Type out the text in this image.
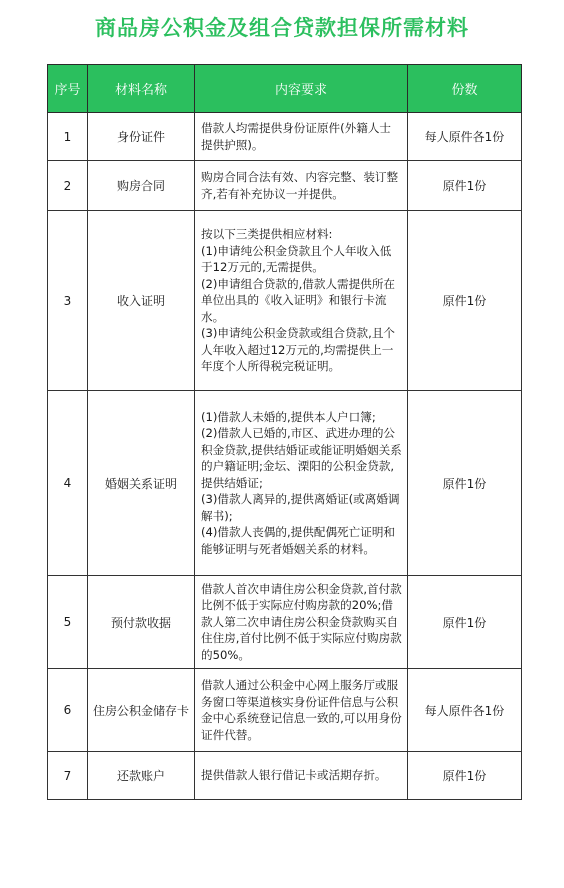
商品房公积金及组合贷款担保所需材料
序号	材料名称	内容要求	份数
1	身份证件	借款人均需提供身份证原件(外籍人士提供护照)。	每人原件各1份
2	购房合同	购房合同合法有效、内容完整、装订整齐,若有补充协议一并提供。	原件1份
3	收入证明	按以下三类提供相应材料:
(1)申请纯公积金贷款且个人年收入低于12万元的,无需提供。
(2)申请组合贷款的,借款人需提供所在单位出具的《收入证明》和银行卡流水。
(3)申请纯公积金贷款或组合贷款,且个人年收入超过12万元的,均需提供上一年度个人所得税完税证明。	原件1份
4	婚姻关系证明	(1)借款人未婚的,提供本人户口簿;
(2)借款人已婚的,市区、武进办理的公积金贷款,提供结婚证或能证明婚姻关系的户籍证明;金坛、溧阳的公积金贷款,提供结婚证;
(3)借款人离异的,提供离婚证(或离婚调解书);
(4)借款人丧偶的,提供配偶死亡证明和能够证明与死者婚姻关系的材料。	原件1份
5	预付款收据	借款人首次申请住房公积金贷款,首付款比例不低于实际应付购房款的20%;借款人第二次申请住房公积金贷款购买自住住房,首付比例不低于实际应付购房款的50%。	原件1份
6	住房公积金储存卡	借款人通过公积金中心网上服务厅或服务窗口等渠道核实身份证件信息与公积金中心系统登记信息一致的,可以用身份证件代替。	每人原件各1份
7	还款账户	提供借款人银行借记卡或活期存折。	原件1份
